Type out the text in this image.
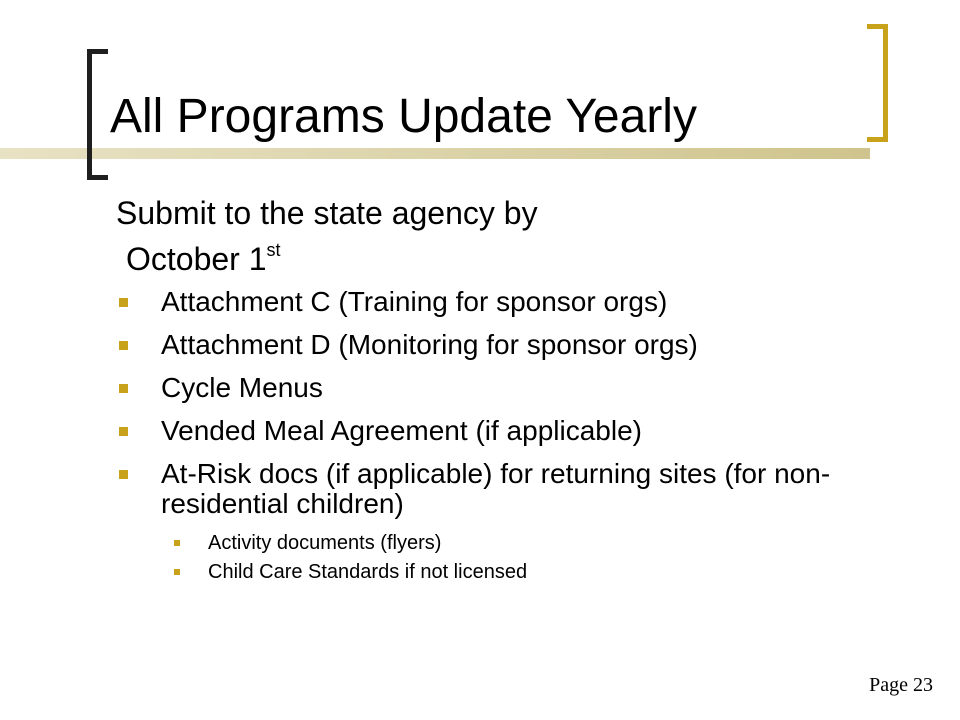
All Programs Update Yearly
Submit to the state agency by
October 1st
Attachment C (Training for sponsor orgs)
Attachment D (Monitoring for sponsor orgs)
Cycle Menus
Vended Meal Agreement (if applicable)
At-Risk docs (if applicable) for returning sites (for non-residential children)
Activity documents (flyers)
Child Care Standards if not licensed
Page 23
